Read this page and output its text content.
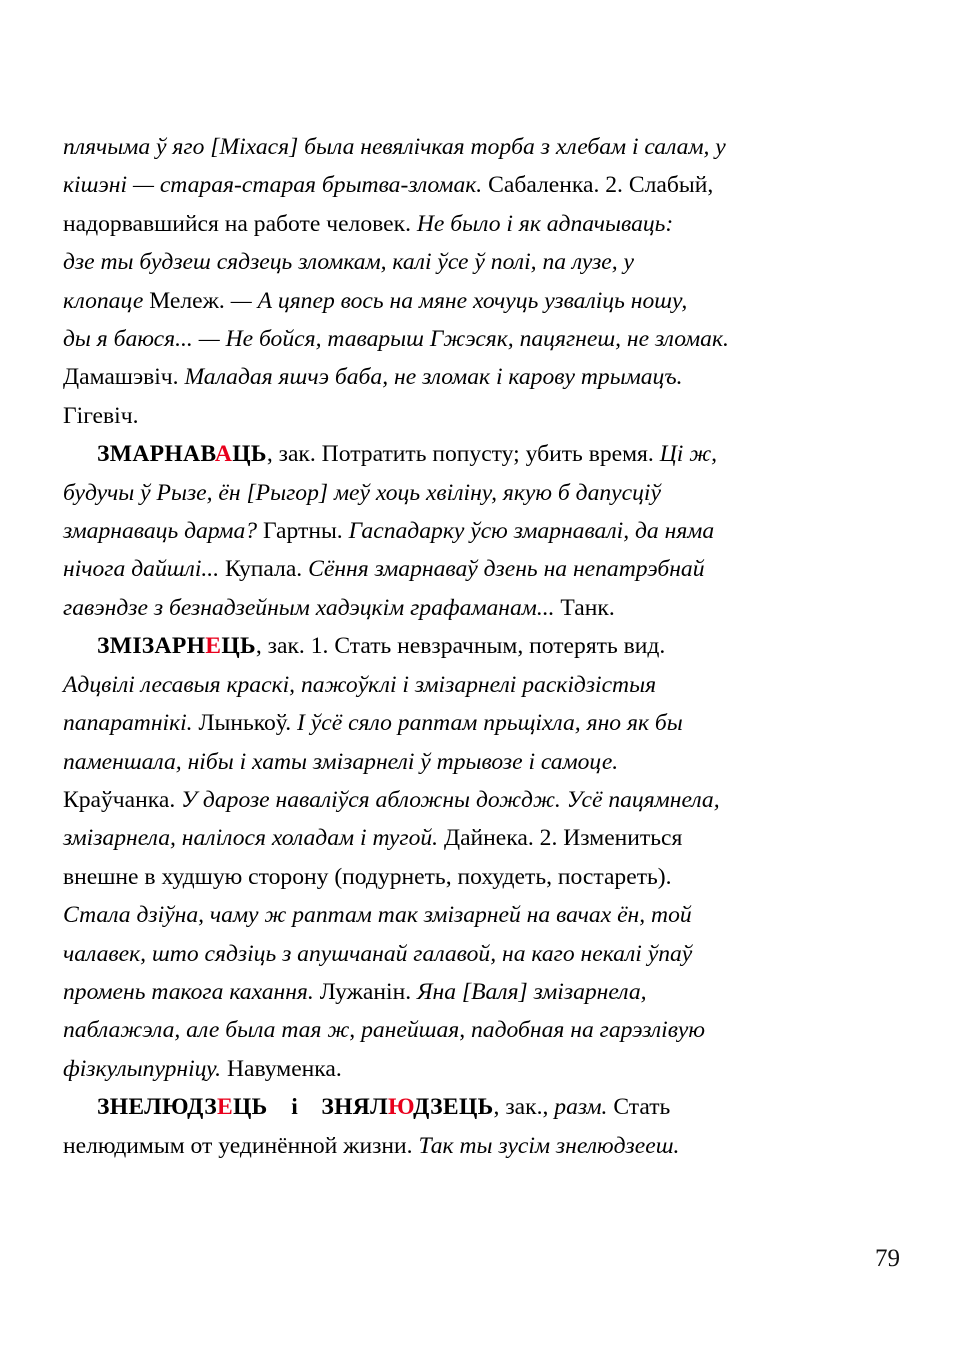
плячыма ў яго [Міхася] была невялічкая торба з хлебам і салам, у
кішэні — старая-старая брытва-зломак. Сабаленка. 2. Слабый,
надорвавшийся на работе человек. Не было і як адпачываць:
дзе ты будзеш сядзець зломкам, калі ўсе ў полі, па лузе, у
клопаце Мележ. — А цяпер вось на мяне хочуць узваліць ношу,
ды я баюся... — Не бойся, таварыш Гжэсяк, пацягнеш, не зломак.
Дамашэвіч. Маладая яшчэ баба, не зломак і карову трымацъ.
Гігевіч.
ЗМАРНАВАЦЬ, зак. Потратить попусту; убить время. Ці ж,
будучы ў Рызе, ён [Рыгор] меў хоць хвіліну, якую б дапусціў
змарнаваць дарма? Гартны. Гаспадарку ўсю змарнавалі, да няма
нічога дайшлі... Купала. Сёння змарнаваў дзень на непатрэбнай
гавэндзе з безнадзейным хадэцкім графаманам... Танк.
ЗМІЗАРНЕЦЬ, зак. 1. Стать невзрачным, потерять вид.
Адцвілі лесавыя краскі, пажоўклі і змізарнелі раскідзістыя
папаратнікі. Лынькоў. І ўсё сяло раптам прьщіхла, яно як бы
паменшала, нібы і хаты змізарнелі ў трывозе і самоце.
Краўчанка. У дарозе наваліўся абложны дождж. Усё пацямнела,
змізарнела, налілося холадам і тугой. Дайнека. 2. Измениться
внешне в худшую сторону (подурнеть, похудеть, постареть).
Стала дзіўна, чаму ж раптам так змізарней на вачах ён, той
чалавек, што сядзіць з апушчанай галавой, на каго некалі ўпаў
промень такога кахання. Лужанін. Яна [Валя] змізарнела,
паблажэла, але была тая ж, ранейшая, падобная на гарэзлівую
фізкулыпурніцу. Навуменка.
ЗНЕЛЮДЗЕЦЬ і ЗНЯЛЮДЗЕЦЬ, зак., разм. Стать
нелюдимым от уединённой жизни. Так ты зусім знелюдзееш.
79
